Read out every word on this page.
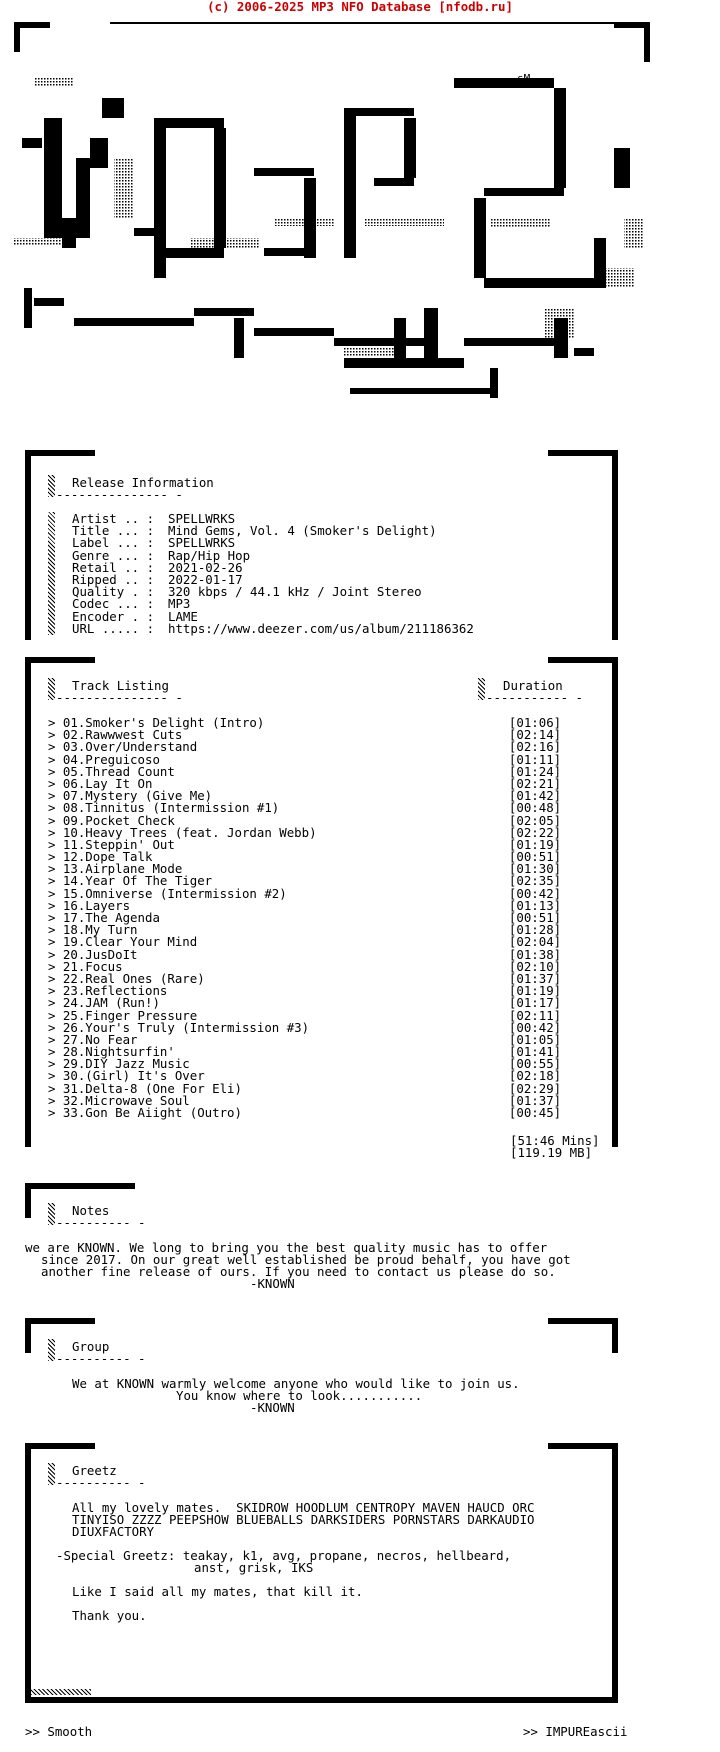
(c) 2006-2025 MP3 NFO Database [nfodb.ru]
sM
Release Information
--------------- -
Artist .. : SPELLWRKS
Title ... : Mind Gems, Vol. 4 (Smoker's Delight)
Label ... : SPELLWRKS
Genre ... : Rap/Hip Hop
Retail .. : 2021-02-26
Ripped .. : 2022-01-17
Quality . : 320 kbps / 44.1 kHz / Joint Stereo
Codec ... : MP3
Encoder . : LAME
URL ..... : https://www.deezer.com/us/album/211186362
Track Listing
--------------- -
Duration
----------- -
> 01.Smoker's Delight (Intro)	[01:06]
> 02.Rawwwest Cuts	[02:14]
> 03.Over/Understand	[02:16]
> 04.Preguicoso	[01:11]
> 05.Thread Count	[01:24]
> 06.Lay It On	[02:21]
> 07.Mystery (Give Me)	[01:42]
> 08.Tinnitus (Intermission #1)	[00:48]
> 09.Pocket Check	[02:05]
> 10.Heavy Trees (feat. Jordan Webb)	[02:22]
> 11.Steppin' Out	[01:19]
> 12.Dope Talk	[00:51]
> 13.Airplane Mode	[01:30]
> 14.Year Of The Tiger	[02:35]
> 15.Omniverse (Intermission #2)	[00:42]
> 16.Layers	[01:13]
> 17.The Agenda	[00:51]
> 18.My Turn	[01:28]
> 19.Clear Your Mind	[02:04]
> 20.JusDoIt	[01:38]
> 21.Focus	[02:10]
> 22.Real Ones (Rare)	[01:37]
> 23.Reflections	[01:19]
> 24.JAM (Run!)	[01:17]
> 25.Finger Pressure	[02:11]
> 26.Your's Truly (Intermission #3)	[00:42]
> 27.No Fear	[01:05]
> 28.Nightsurfin'	[01:41]
> 29.DIY Jazz Music	[00:55]
> 30.(Girl) It's Over	[02:18]
> 31.Delta-8 (One For Eli)	[02:29]
> 32.Microwave Soul	[01:37]
> 33.Gon Be Aiight (Outro)	[00:45]
[51:46 Mins]
[119.19 MB]
Notes
---------- -
we are KNOWN. We long to bring you the best quality music has to offer
since 2017. On our great well established be proud behalf, you have got
another fine release of ours. If you need to contact us please do so.
-KNOWN
Group
---------- -
We at KNOWN warmly welcome anyone who would like to join us.
You know where to look...........
-KNOWN
Greetz
---------- -
All my lovely mates.  SKIDROW HOODLUM CENTROPY MAVEN HAUCD ORC
TINYISO ZZZZ PEEPSHOW BLUEBALLS DARKSIDERS PORNSTARS DARKAUDIO
DIUXFACTORY
-Special Greetz: teakay, k1, avg, propane, necros, hellbeard,
anst, grisk, IKS
Like I said all my mates, that kill it.
Thank you.
>> Smooth	>> IMPUREascii
